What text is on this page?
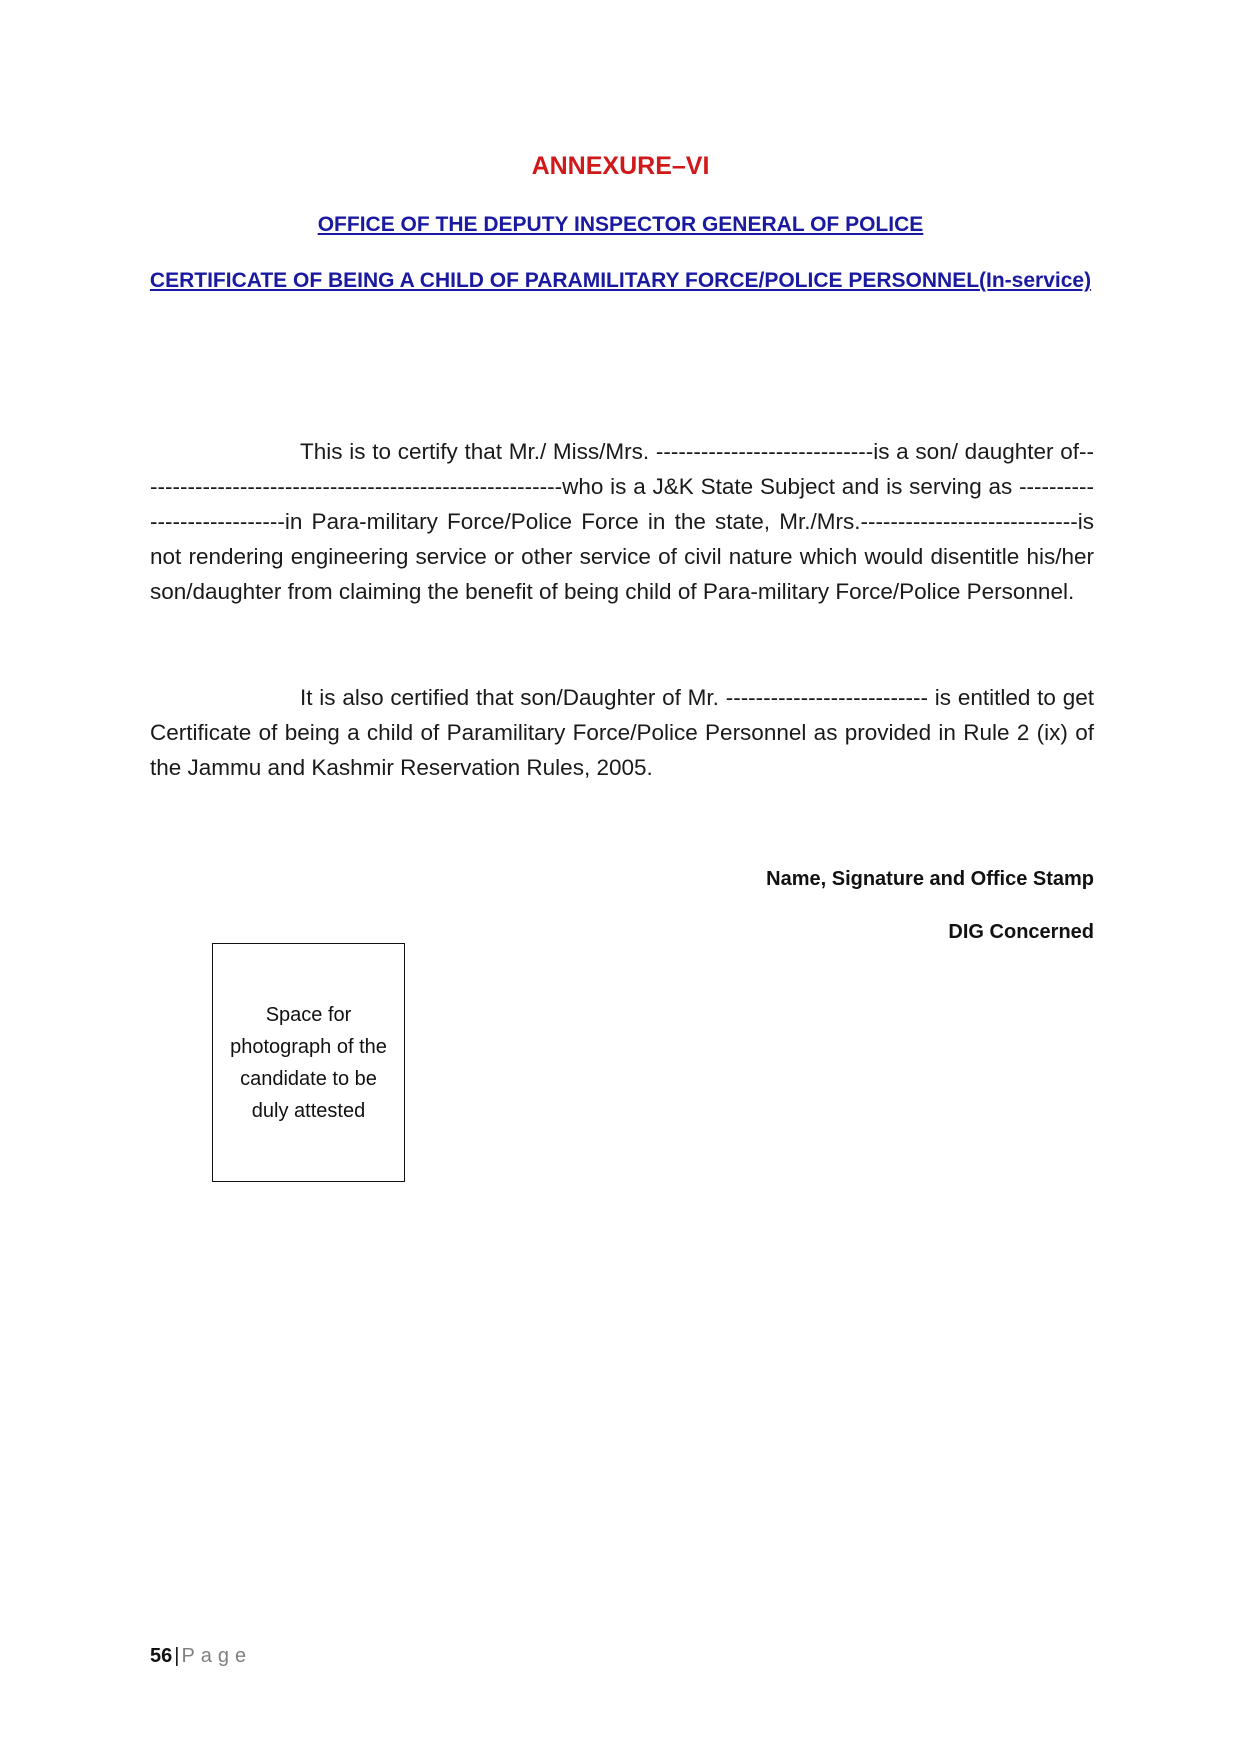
ANNEXURE–VI
OFFICE OF THE DEPUTY INSPECTOR GENERAL OF POLICE
CERTIFICATE OF BEING A CHILD OF PARAMILITARY FORCE/POLICE PERSONNEL(In-service)

This is to certify that Mr./ Miss/Mrs. -----------------------------is a son/ daughter of---------------------------------------------------------who is a J&K State Subject and is serving as ----------------------------in Para-military Force/Police Force in the state, Mr./Mrs.-----------------------------is not rendering engineering service or other service of civil nature which would disentitle his/her son/daughter from claiming the benefit of being child of Para-military Force/Police Personnel.

It is also certified that son/Daughter of Mr. --------------------------- is entitled to get Certificate of being a child of Paramilitary Force/Police Personnel as provided in Rule 2 (ix) of the Jammu and Kashmir Reservation Rules, 2005.

Name, Signature and Office Stamp
DIG Concerned
Space for photograph of the candidate to be duly attested
56 | Page
